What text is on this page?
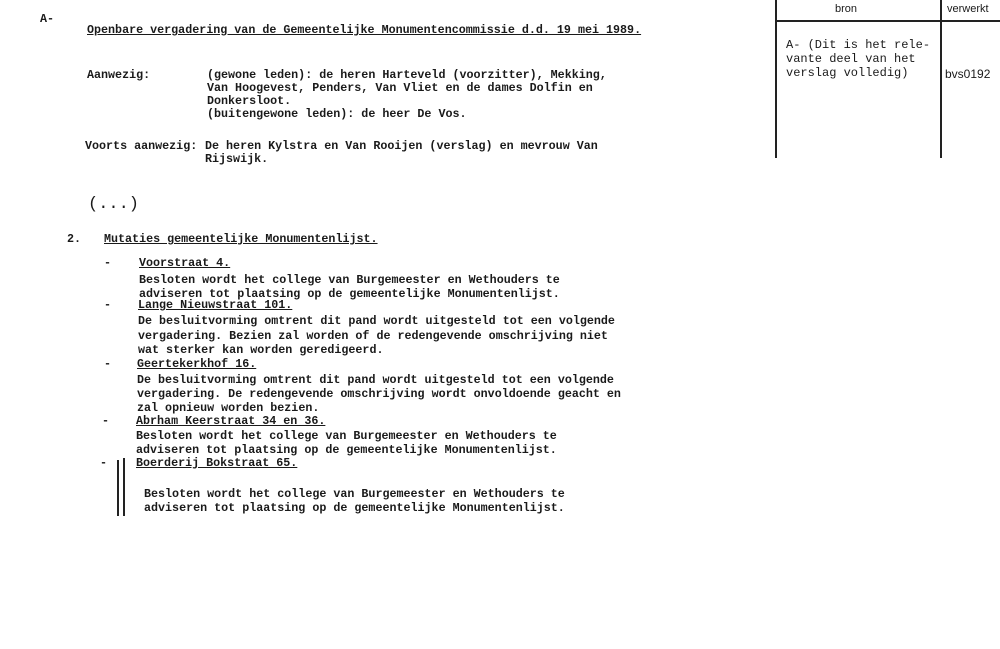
A-
Openbare vergadering van de Gemeentelijke Monumentencommissie d.d. 19 mei 1989.
Aanwezig:	(gewone leden): de heren Harteveld (voorzitter), Mekking,
Van Hoogevest, Penders, Van Vliet en de dames Dolfin en
Donkersloot.
(buitengewone leden): de heer De Vos.
Voorts aanwezig: De heren Kylstra en Van Rooijen (verslag) en mevrouw Van
Rijswijk.
(...)
2. Mutaties gemeentelijke Monumentenlijst.
- Voorstraat 4.
Besloten wordt het college van Burgemeester en Wethouders te
adviseren tot plaatsing op de gemeentelijke Monumentenlijst.
- Lange Nieuwstraat 101.
De besluitvorming omtrent dit pand wordt uitgesteld tot een volgende
vergadering. Bezien zal worden of de redengevende omschrijving niet
wat sterker kan worden geredigeerd.
- Geertekerkhof 16.
De besluitvorming omtrent dit pand wordt uitgesteld tot een volgende
vergadering. De redengevende omschrijving wordt onvoldoende geacht en
zal opnieuw worden bezien.
- Abrham Keerstraat 34 en 36.
Besloten wordt het college van Burgemeester en Wethouders te
adviseren tot plaatsing op de gemeentelijke Monumentenlijst.
- Boerderij Bokstraat 65.
Besloten wordt het college van Burgemeester en Wethouders te
adviseren tot plaatsing op de gemeentelijke Monumentenlijst.
bron	verwerkt
A- (Dit is het rele-
vante deel van het
verslag volledig)	bvs0192
